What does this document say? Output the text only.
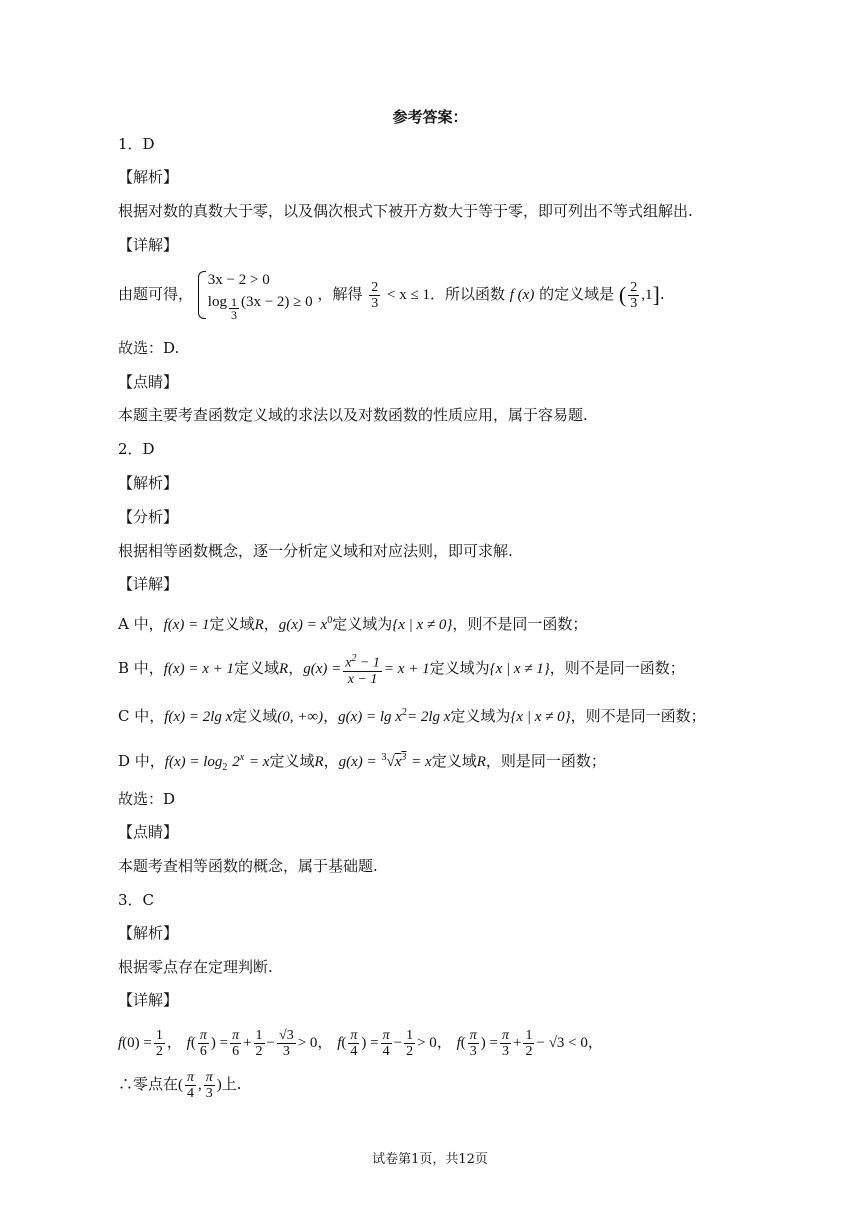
参考答案：
1．D
【解析】
根据对数的真数大于零，以及偶次根式下被开方数大于等于零，即可列出不等式组解出.
【详解】
由题可得，
3x − 2 > 0
log $_{\frac{1}{3}}$ (3x − 2) ≥ 0 ，解得 $\frac{2}{3} < x \le 1$．所以函数 f (x) 的定义域是 ( $\frac{2}{3} ,1$].
故选：D.
【点睛】
本题主要考查函数定义域的求法以及对数函数的性质应用，属于容易题.
2．D
【解析】
【分析】
根据相等函数概念，逐一分析定义域和对应法则，即可求解.
【详解】
A 中，f(x) = 1定义域R，$g(x) = x^0$定义域为{x | x ≠ 0}，则不是同一函数；
B 中，f(x) = x + 1定义域R，$g(x) = \frac{x^2 - 1}{x - 1} = x + 1$定义域为{x | x ≠ 1}，则不是同一函数；
C 中，f(x) = 2lg x定义域(0, +∞)，$g(x) = \lg x^2= 2\lg$ x定义域为{x | x ≠ 0}，则不是同一函数；
D 中，$f(x) = \log_2 2^x = x$定义域R，$g(x) = ^3√x^3 = x$定义域R，则是同一函数；
故选：D
【点睛】
本题考查相等函数的概念，属于基础题.
3．C
【解析】
根据零点存在定理判断.
【详解】
$f(0) = \frac{1}{2}$ ， $f( \frac{\pi}{6}$ ) = $\frac{\pi}{6} + \frac{1}{2} - \frac{√3}{3} > 0$， $f( \frac{\pi}{4}$ ) = $\frac{\pi}{4} - \frac{1}{2} > 0$， $f( \frac{\pi}{3}$ ) = $\frac{\pi}{3} + \frac{1}{2} - √3 < 0$，
∴零点在( $\frac{\pi}{4}$ , $\frac{\pi}{3}$ )上.
试卷第1页，共12页
